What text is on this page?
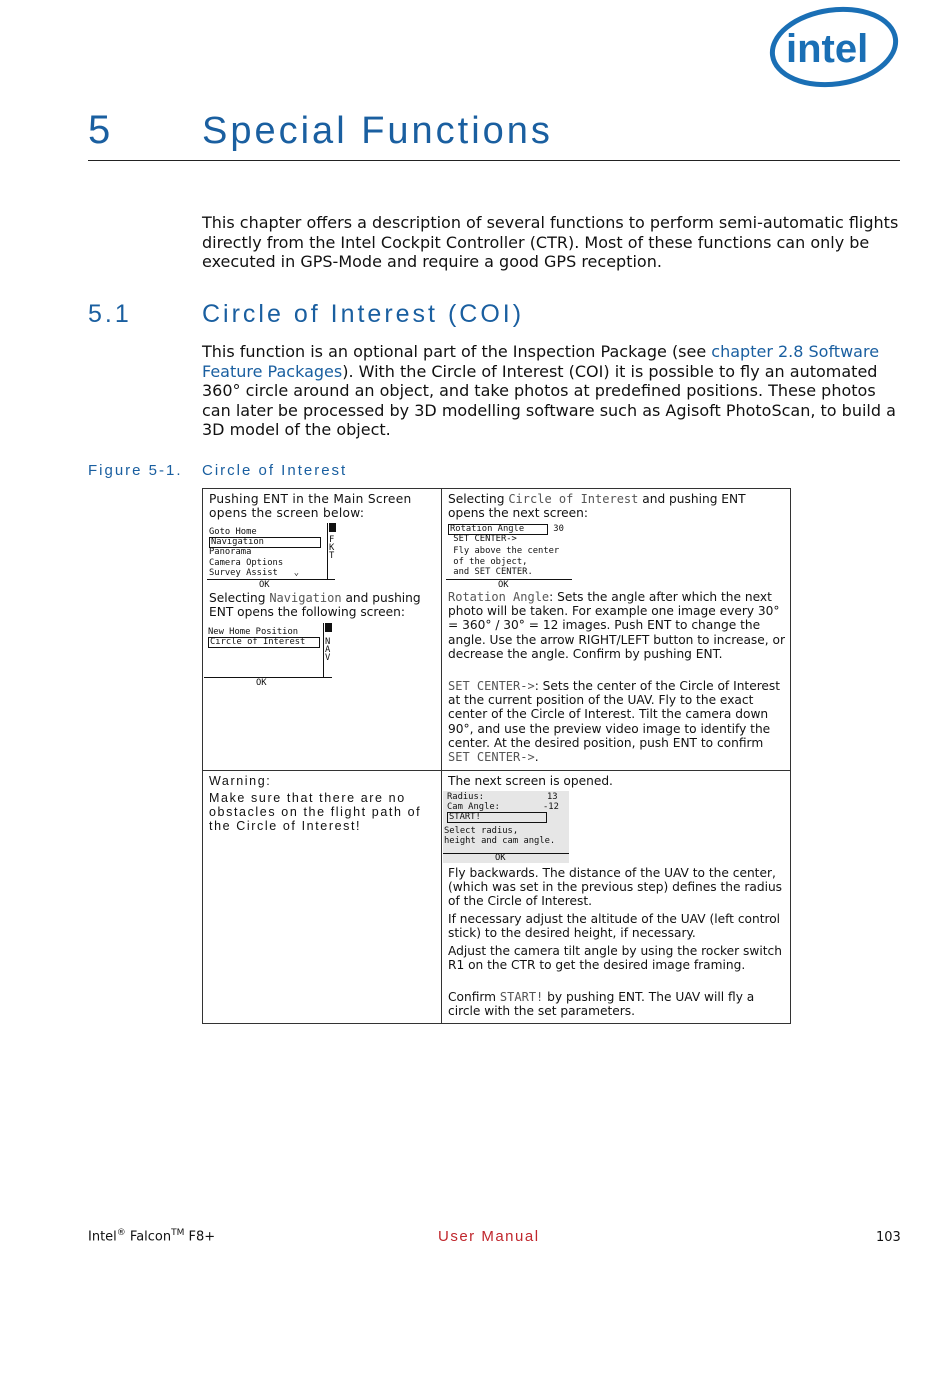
intel
5 Special Functions

This chapter offers a description of several functions to perform semi-automatic flights directly from the Intel Cockpit Controller (CTR). Most of these functions can only be executed in GPS-Mode and require a good GPS reception.

5.1	Circle of Interest (COI)

This function is an optional part of the Inspection Package (see chapter 2.8 Software Feature Packages). With the Circle of Interest (COI) it is possible to fly an automated 360° circle around an object, and take photos at predefined positions. These photos can later be processed by 3D modelling software such as Agisoft PhotoScan, to build a 3D model of the object.

Figure 5-1. Circle of Interest
Pushing ENT in the Main Screen opens the screen below:
Goto Home
Navigation
Panorama
Camera Options
Survey Assist ⌄
F
K
T
OK
Selecting Navigation and pushing ENT opens the following screen:
New Home Position
Circle of Interest	N
A
V
OK
Selecting Circle of Interest and pushing ENT opens the next screen:
Rotation Angle	30
SET CENTER->
Fly above the center
of the object,
and SET CENTER.
OK
Rotation Angle: Sets the angle after which the next photo will be taken. For example one image every 30° = 360° / 30° = 12 images. Push ENT to change the angle. Use the arrow RIGHT/LEFT button to increase, or decrease the angle. Confirm by pushing ENT.
SET CENTER->: Sets the center of the Circle of Interest at the current position of the UAV. Fly to the exact center of the Circle of Interest. Tilt the camera down 90°, and use the preview video image to identify the center. At the desired position, push ENT to confirm SET CENTER->.
Warning:
Make sure that there are no obstacles on the flight path of the Circle of Interest!
The next screen is opened.
Radius:
Cam Angle:
START!
13
-12
Select radius,
height and cam angle.
OK
Fly backwards. The distance of the UAV to the center, (which was set in the previous step) defines the radius of the Circle of Interest.
If necessary adjust the altitude of the UAV (left control stick) to the desired height, if necessary.
Adjust the camera tilt angle by using the rocker switch R1 on the CTR to get the desired image framing.
Confirm START! by pushing ENT. The UAV will fly a circle with the set parameters.
Intel® Falcon™ F8+	User Manual	103
